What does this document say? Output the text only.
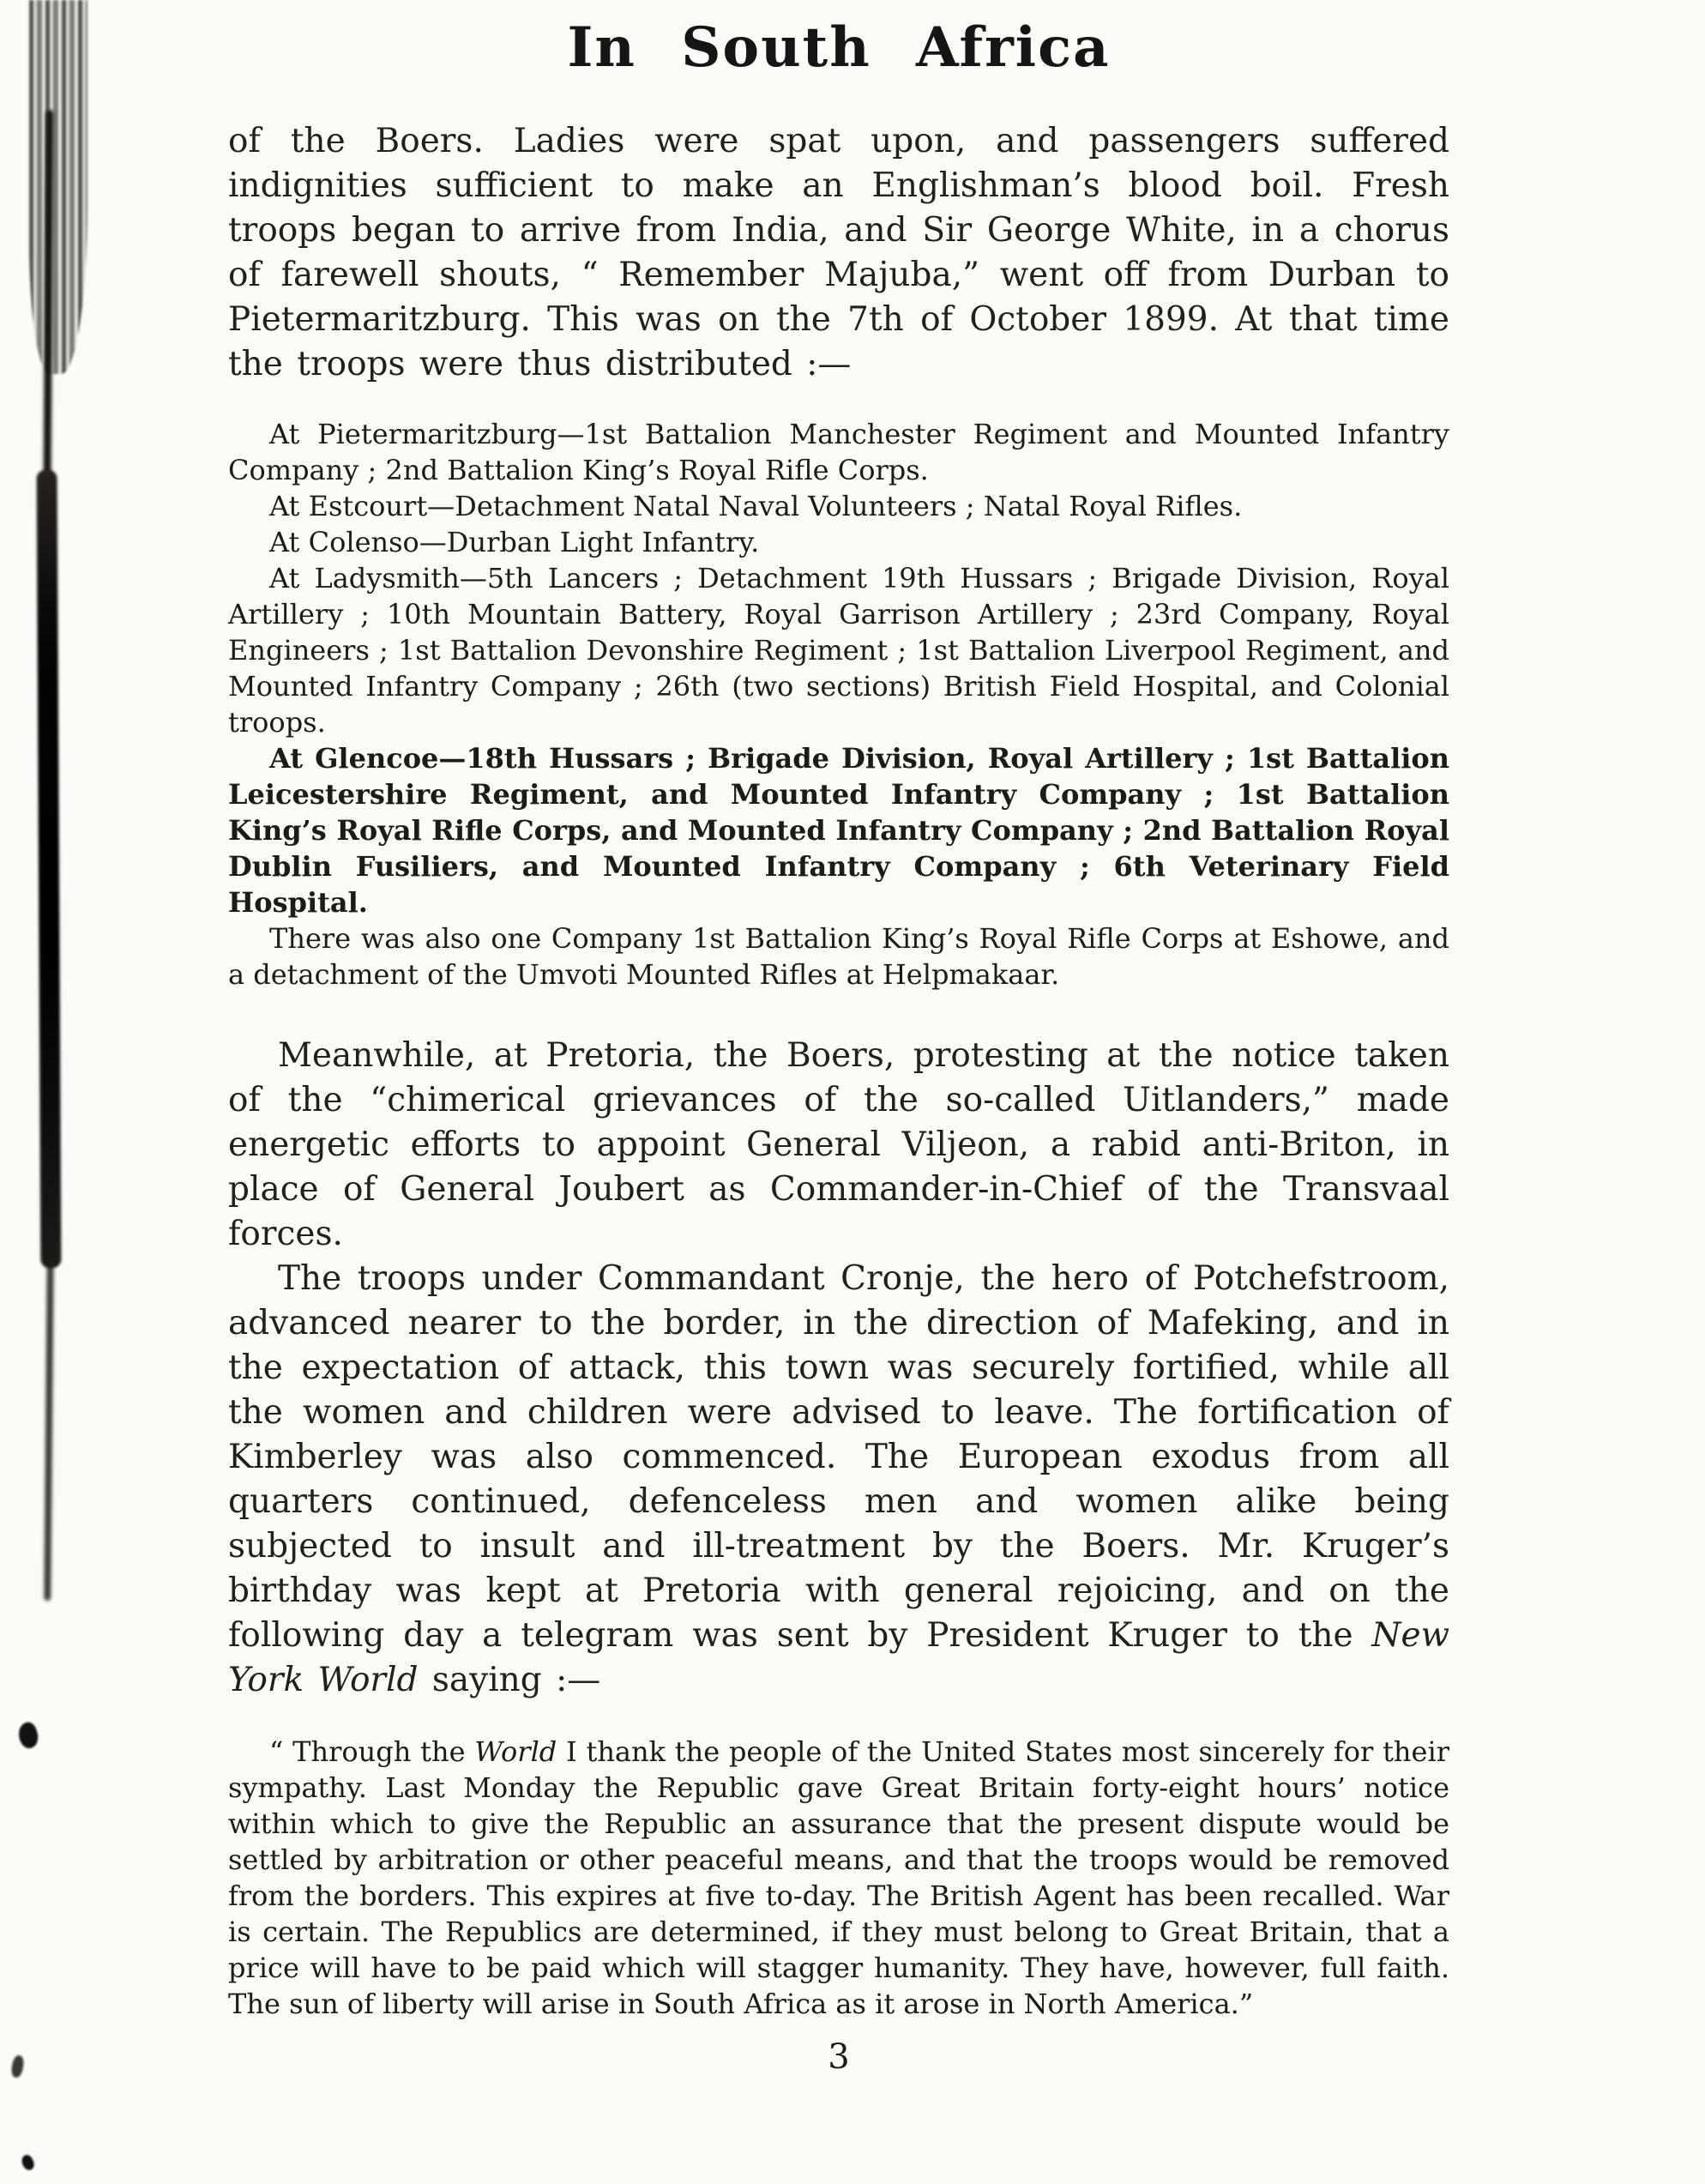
In South Africa

of the Boers. Ladies were spat upon, and passengers suffered indignities sufficient to make an Englishman’s blood boil. Fresh troops began to arrive from India, and Sir George White, in a chorus of farewell shouts, “ Remember Majuba,” went off from Durban to Pietermaritzburg. This was on the 7th of October 1899. At that time the troops were thus distributed :—

At Pietermaritzburg—1st Battalion Manchester Regiment and Mounted Infantry Company ; 2nd Battalion King’s Royal Rifle Corps.

At Estcourt—Detachment Natal Naval Volunteers ; Natal Royal Rifles.

At Colenso—Durban Light Infantry.

At Ladysmith—5th Lancers ; Detachment 19th Hussars ; Brigade Division, Royal Artillery ; 10th Mountain Battery, Royal Garrison Artillery ; 23rd Company, Royal Engineers ; 1st Battalion Devonshire Regiment ; 1st Battalion Liverpool Regiment, and Mounted Infantry Company ; 26th (two sections) British Field Hospital, and Colonial troops.

At Glencoe—18th Hussars ; Brigade Division, Royal Artillery ; 1st Battalion Leicestershire Regiment, and Mounted Infantry Company ; 1st Battalion King’s Royal Rifle Corps, and Mounted Infantry Company ; 2nd Battalion Royal Dublin Fusiliers, and Mounted Infantry Company ; 6th Veterinary Field Hospital.

There was also one Company 1st Battalion King’s Royal Rifle Corps at Eshowe, and a detachment of the Umvoti Mounted Rifles at Helpmakaar.

Meanwhile, at Pretoria, the Boers, protesting at the notice taken of the “chimerical grievances of the so-called Uitlanders,” made energetic efforts to appoint General Viljeon, a rabid anti-Briton, in place of General Joubert as Commander-in-Chief of the Transvaal forces.

The troops under Commandant Cronje, the hero of Potchefstroom, advanced nearer to the border, in the direction of Mafeking, and in the expectation of attack, this town was securely fortified, while all the women and children were advised to leave. The fortification of Kimberley was also commenced. The European exodus from all quarters continued, defenceless men and women alike being subjected to insult and ill-treatment by the Boers. Mr. Kruger’s birthday was kept at Pretoria with general rejoicing, and on the following day a telegram was sent by President Kruger to the New York World saying :—

“ Through the World I thank the people of the United States most sincerely for their sympathy. Last Monday the Republic gave Great Britain forty-eight hours’ notice within which to give the Republic an assurance that the present dispute would be settled by arbitration or other peaceful means, and that the troops would be removed from the borders. This expires at five to-day. The British Agent has been recalled. War is certain. The Republics are determined, if they must belong to Great Britain, that a price will have to be paid which will stagger humanity. They have, however, full faith. The sun of liberty will arise in South Africa as it arose in North America.”
3
